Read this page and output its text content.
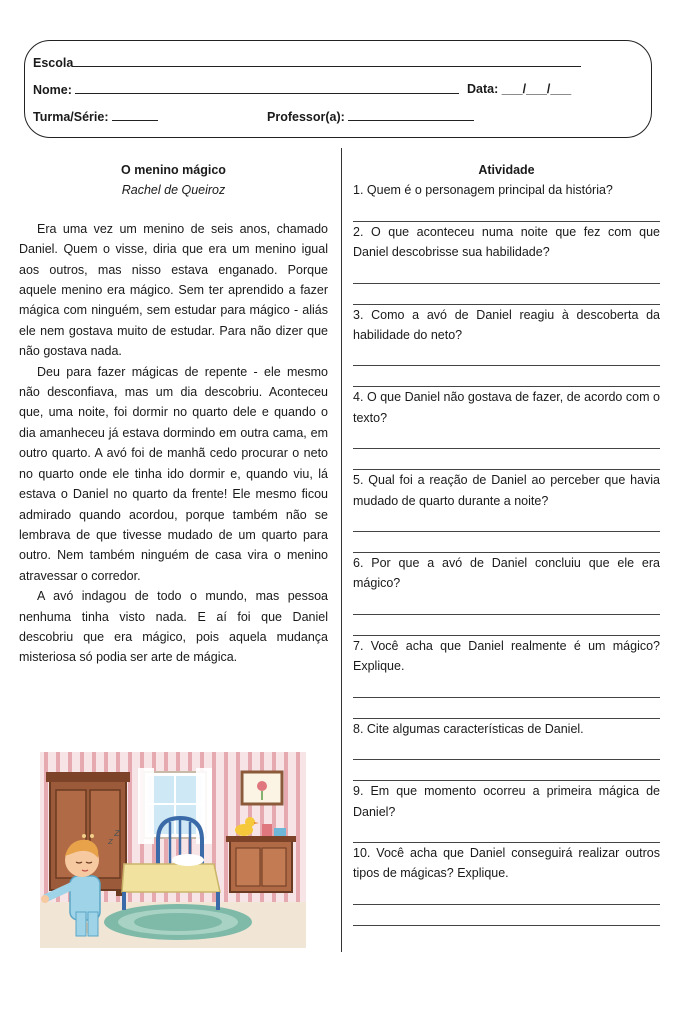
Escola
Nome:	Data: ___/___/___
Turma/Série:	Professor(a):
O menino mágico
Rachel de Queiroz

Era uma vez um menino de seis anos, chamado Daniel. Quem o visse, diria que era um menino igual aos outros, mas nisso estava enganado. Porque aquele menino era mágico. Sem ter aprendido a fazer mágica com ninguém, sem estudar para mágico - aliás ele nem gostava muito de estudar. Para não dizer que não gostava nada.

Deu para fazer mágicas de repente - ele mesmo não desconfiava, mas um dia descobriu. Aconteceu que, uma noite, foi dormir no quarto dele e quando o dia amanheceu já estava dormindo em outra cama, em outro quarto. A avó foi de manhã cedo procurar o neto no quarto onde ele tinha ido dormir e, quando viu, lá estava o Daniel no quarto da frente! Ele mesmo ficou admirado quando acordou, porque também não se lembrava de que tivesse mudado de um quarto para outro. Nem também ninguém de casa vira o menino atravessar o corredor.

A avó indagou de todo o mundo, mas pessoa nenhuma tinha visto nada. E aí foi que Daniel descobriu que era mágico, pois aquela mudança misteriosa só podia ser arte de mágica.

Atividade
1. Quem é o personagem principal da história?
2. O que aconteceu numa noite que fez com que Daniel descobrisse sua habilidade?
3. Como a avó de Daniel reagiu à descoberta da habilidade do neto?
4. O que Daniel não gostava de fazer, de acordo com o texto?
5. Qual foi a reação de Daniel ao perceber que havia mudado de quarto durante a noite?
6. Por que a avó de Daniel concluiu que ele era mágico?
7. Você acha que Daniel realmente é um mágico? Explique.
8. Cite algumas características de Daniel.
9. Em que momento ocorreu a primeira mágica de Daniel?
10. Você acha que Daniel conseguirá realizar outros tipos de mágicas? Explique.
z
z
